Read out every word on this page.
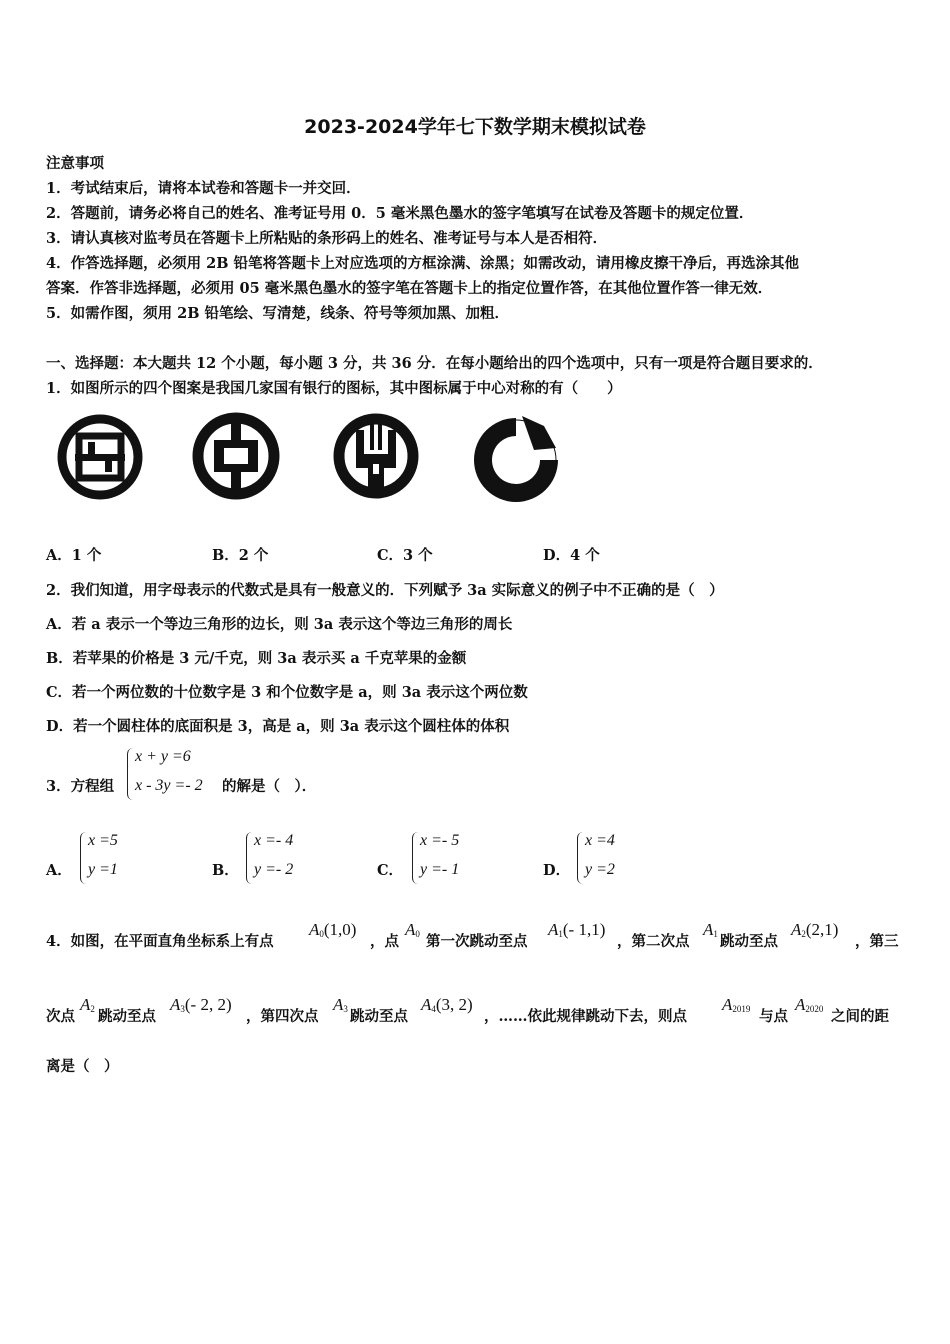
2023-2024学年七下数学期末模拟试卷
注意事项
1．考试结束后，请将本试卷和答题卡一并交回．
2．答题前，请务必将自己的姓名、准考证号用 0．5 毫米黑色墨水的签字笔填写在试卷及答题卡的规定位置．
3．请认真核对监考员在答题卡上所粘贴的条形码上的姓名、准考证号与本人是否相符．
4．作答选择题，必须用 2B 铅笔将答题卡上对应选项的方框涂满、涂黑；如需改动，请用橡皮擦干净后，再选涂其他
答案．作答非选择题，必须用 05 毫米黑色墨水的签字笔在答题卡上的指定位置作答，在其他位置作答一律无效．
5．如需作图，须用 2B 铅笔绘、写清楚，线条、符号等须加黑、加粗．
一、选择题：本大题共 12 个小题，每小题 3 分，共 36 分．在每小题给出的四个选项中，只有一项是符合题目要求的．
1．如图所示的四个图案是我国几家国有银行的图标，其中图标属于中心对称的有（　　）
A．1 个	B．2 个	C．3 个	D．4 个
2．我们知道，用字母表示的代数式是具有一般意义的．下列赋予 3a 实际意义的例子中不正确的是（　）
A．若 a 表示一个等边三角形的边长，则 3a 表示这个等边三角形的周长
B．若苹果的价格是 3 元/千克，则 3a 表示买 a 千克苹果的金额
C．若一个两位数的十位数字是 3 和个位数字是 a，则 3a 表示这个两位数
D．若一个圆柱体的底面积是 3，高是 a，则 3a 表示这个圆柱体的体积
3．方程组
x + y =6
x - 3y =- 2 的解是（　）．
A．
x =5
y =1	B．
x =- 4
y =- 2	C．
x =- 5
y =- 1	D．
x =4
y =2
4．如图，在平面直角坐标系上有点
$A_0(1,0)$
，点
$A_0$ 第一次跳动至点
$A_1(-$ 1,1)
，第二次点
$A_1$ 跳动至点
$A_2(2,1)$
，第三
次点
$A_2$ 跳动至点
$A_3(-$ 2, 2)
，第四次点
$A_3$ 跳动至点
$A_4(3$, 2)
，……依此规律跳动下去，则点
$A_{2019}$ 与点
$A_{2020}$ 之间的距
离是（　）
